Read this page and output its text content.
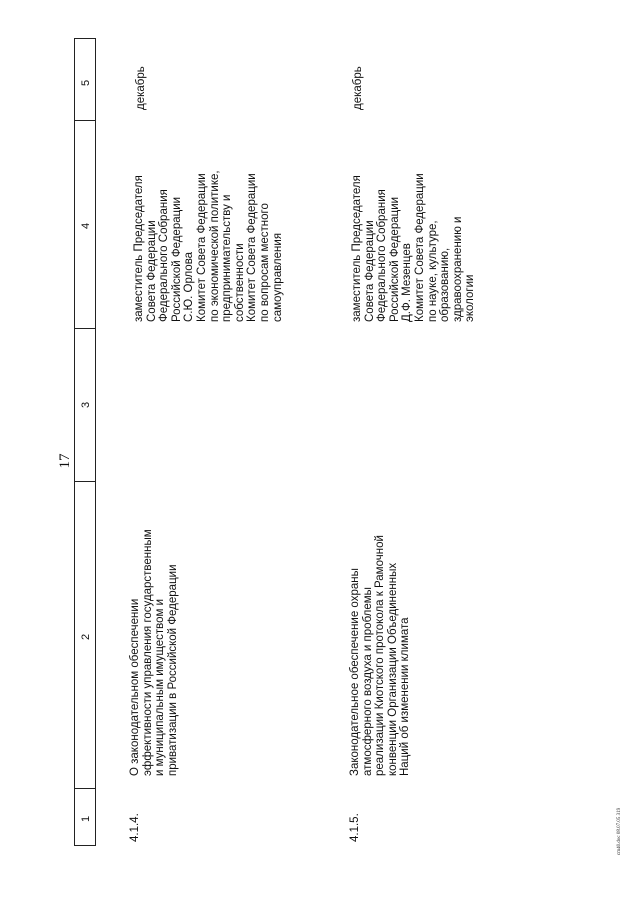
17
5
4
3
2
1	4.1.4.
О законодательном обеспечении эффективности управления государственным и муниципальным имуществом и приватизации в Российской Федерации
заместитель Председателя Совета Федерации Федерального Собрания Российской Федерации С.Ю. Орлова Комитет Совета Федерации по экономической политике, предпринимательству и собственности Комитет Совета Федерации по вопросам местного самоуправления
декабрь
4.1.5.
Законодательное обеспечение охраны атмосферного воздуха и проблемы реализации Киотского протокола к Рамочной конвенции Организации Объединенных Наций об изменении климата
заместитель Председателя Совета Федерации Федерального Собрания Российской Федерации Д.Ф. Мезенцев Комитет Совета Федерации по науке, культуре, образованию, здравоохранению и экологии
декабрь
cm40.doc 08.07.05 319
